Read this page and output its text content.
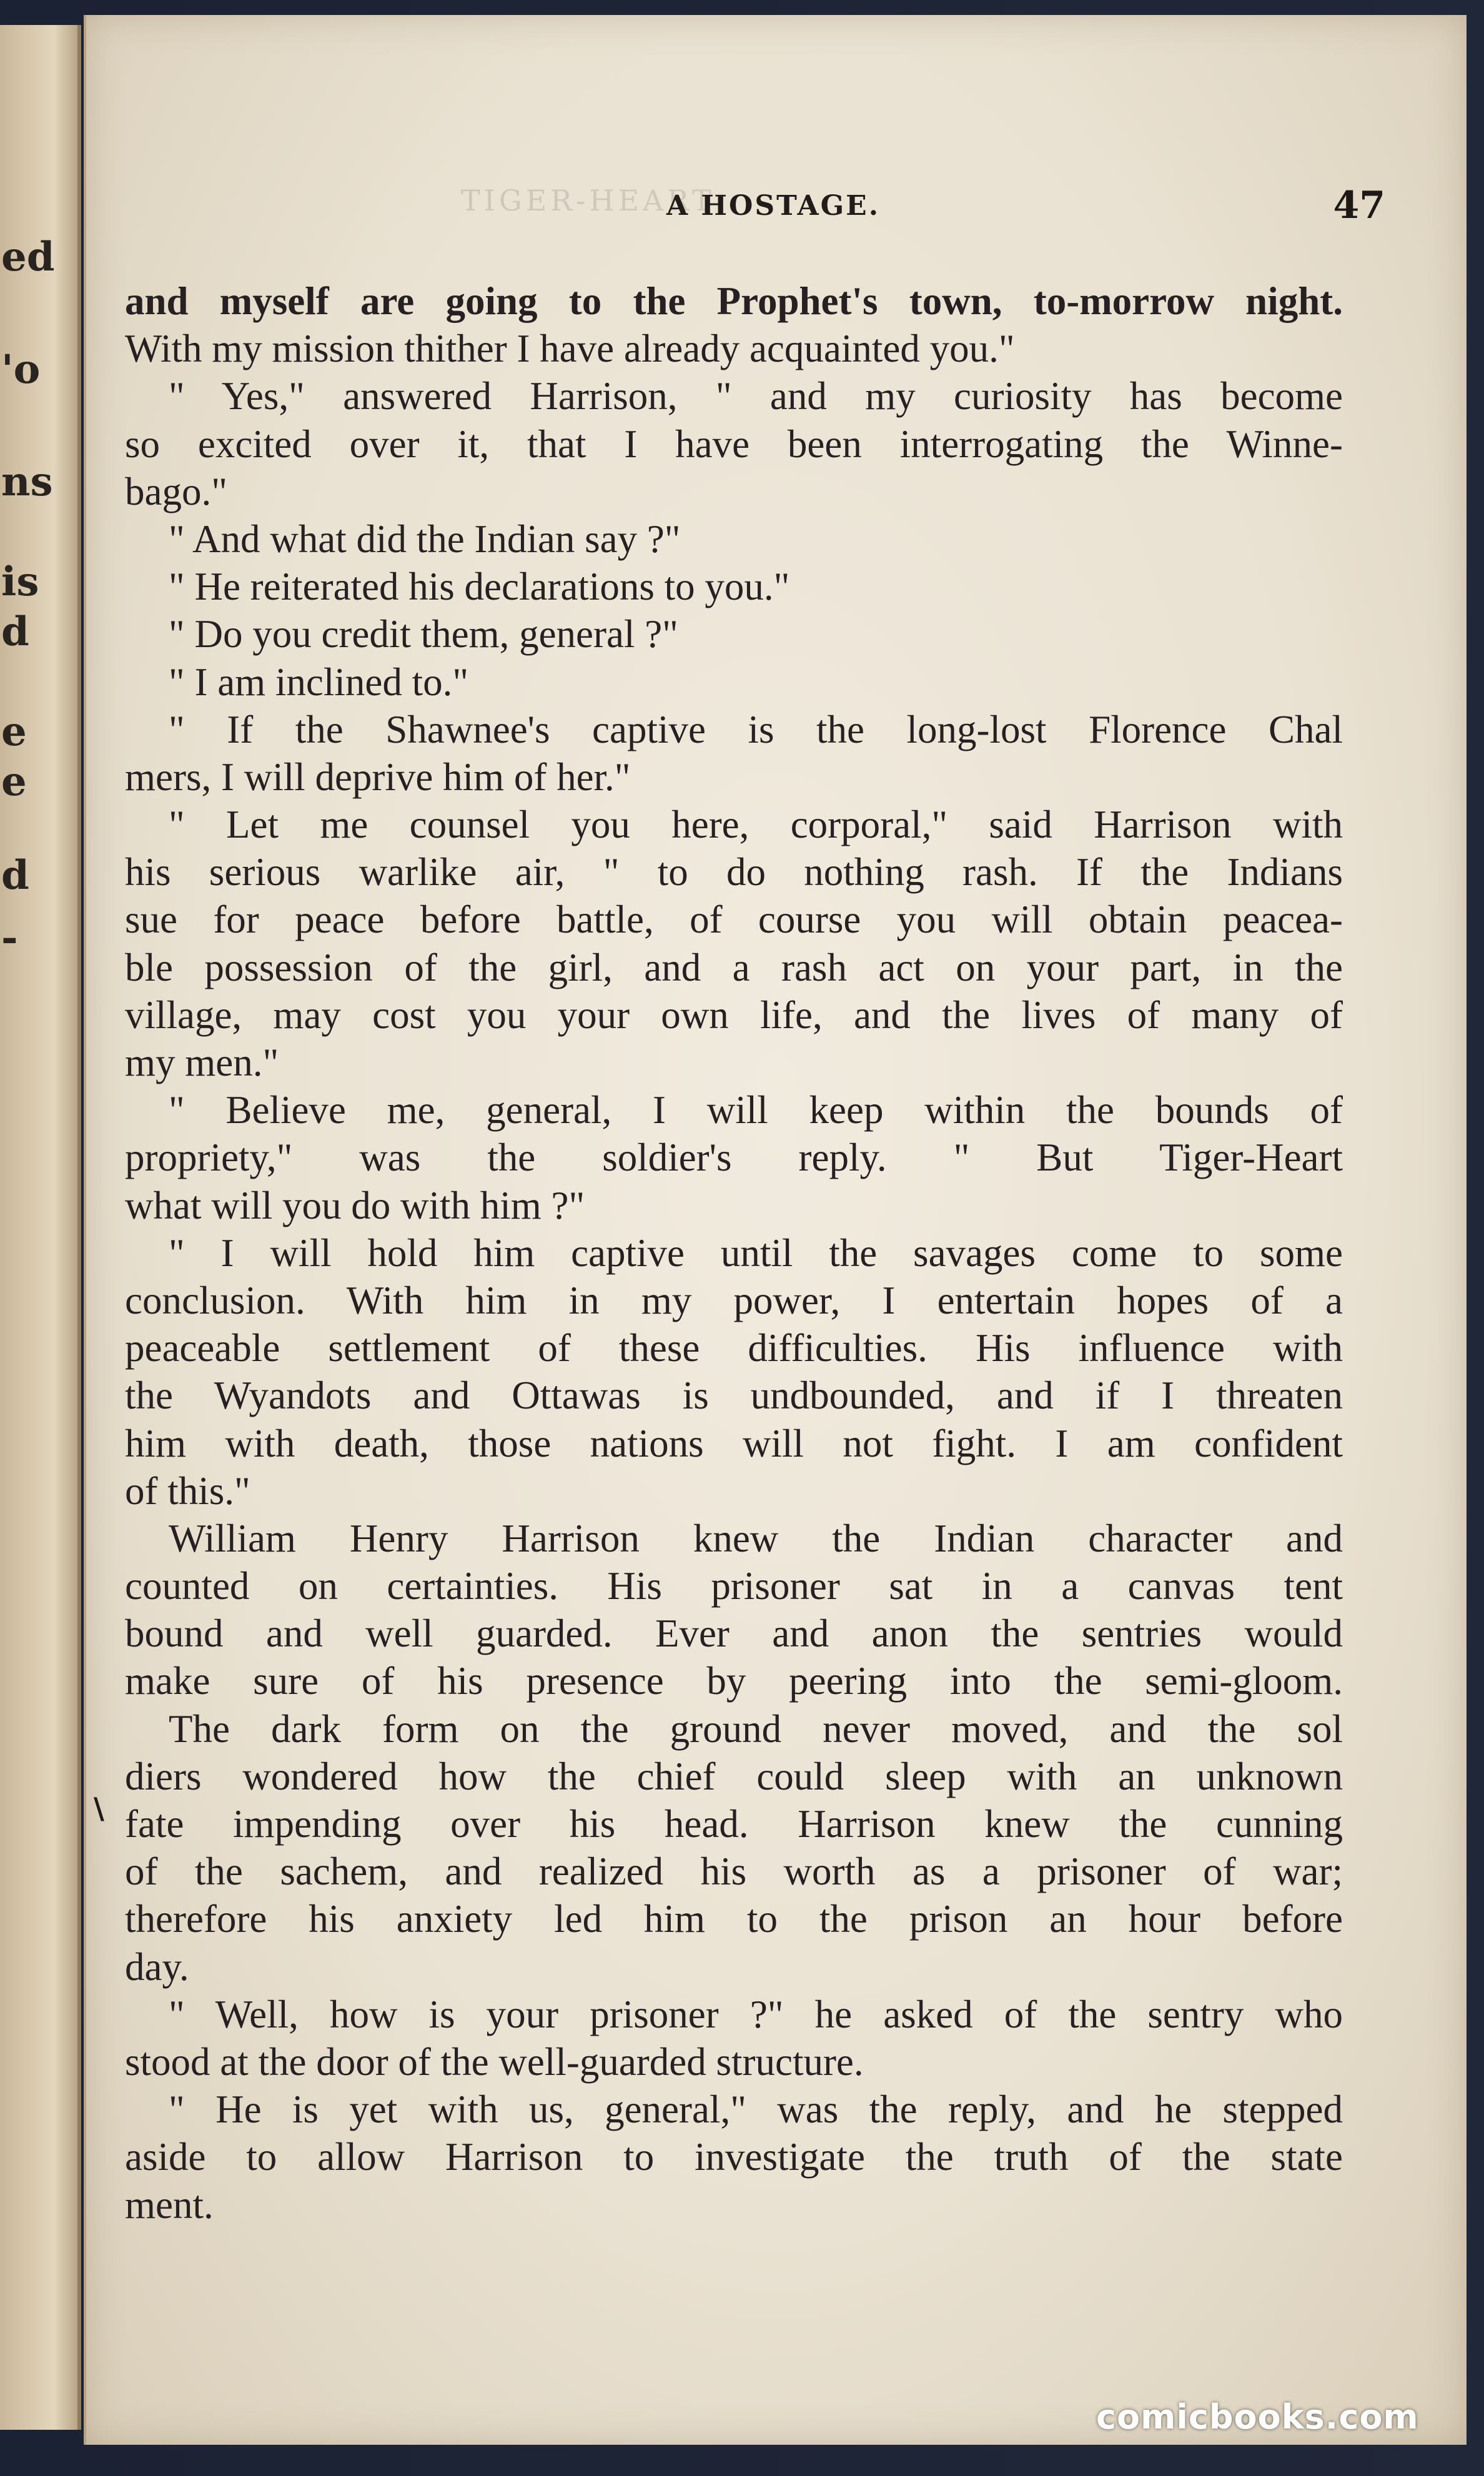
ed
'o
ns
is
d
e
e
d
-
TIGER-HEART
A HOSTAGE.	47
and myself are going to the Prophet's town, to-morrow night.
With my mission thither I have already acquainted you."
" Yes," answered Harrison, " and my curiosity has become
so excited over it, that I have been interrogating the Winne-
bago."
" And what did the Indian say ?"
" He reiterated his declarations to you."
" Do you credit them, general ?"
" I am inclined to."
" If the Shawnee's captive is the long-lost Florence Chal
mers, I will deprive him of her."
" Let me counsel you here, corporal," said Harrison with
his serious warlike air, " to do nothing rash. If the Indians
sue for peace before battle, of course you will obtain peacea-
ble possession of the girl, and a rash act on your part, in the
village, may cost you your own life, and the lives of many of
my men."
" Believe me, general, I will keep within the bounds of
propriety," was the soldier's reply. " But Tiger-Heart
what will you do with him ?"
" I will hold him captive until the savages come to some
conclusion. With him in my power, I entertain hopes of a
peaceable settlement of these difficulties. His influence with
the Wyandots and Ottawas is undbounded, and if I threaten
him with death, those nations will not fight. I am confident
of this."
William Henry Harrison knew the Indian character and
counted on certainties. His prisoner sat in a canvas tent
bound and well guarded. Ever and anon the sentries would
make sure of his presence by peering into the semi-gloom.
The dark form on the ground never moved, and the sol
diers wondered how the chief could sleep with an unknown
fate impending over his head. Harrison knew the cunning
of the sachem, and realized his worth as a prisoner of war;
therefore his anxiety led him to the prison an hour before
day.
" Well, how is your prisoner ?" he asked of the sentry who
stood at the door of the well-guarded structure.
" He is yet with us, general," was the reply, and he stepped
aside to allow Harrison to investigate the truth of the state
ment.
\
comicbooks.com
